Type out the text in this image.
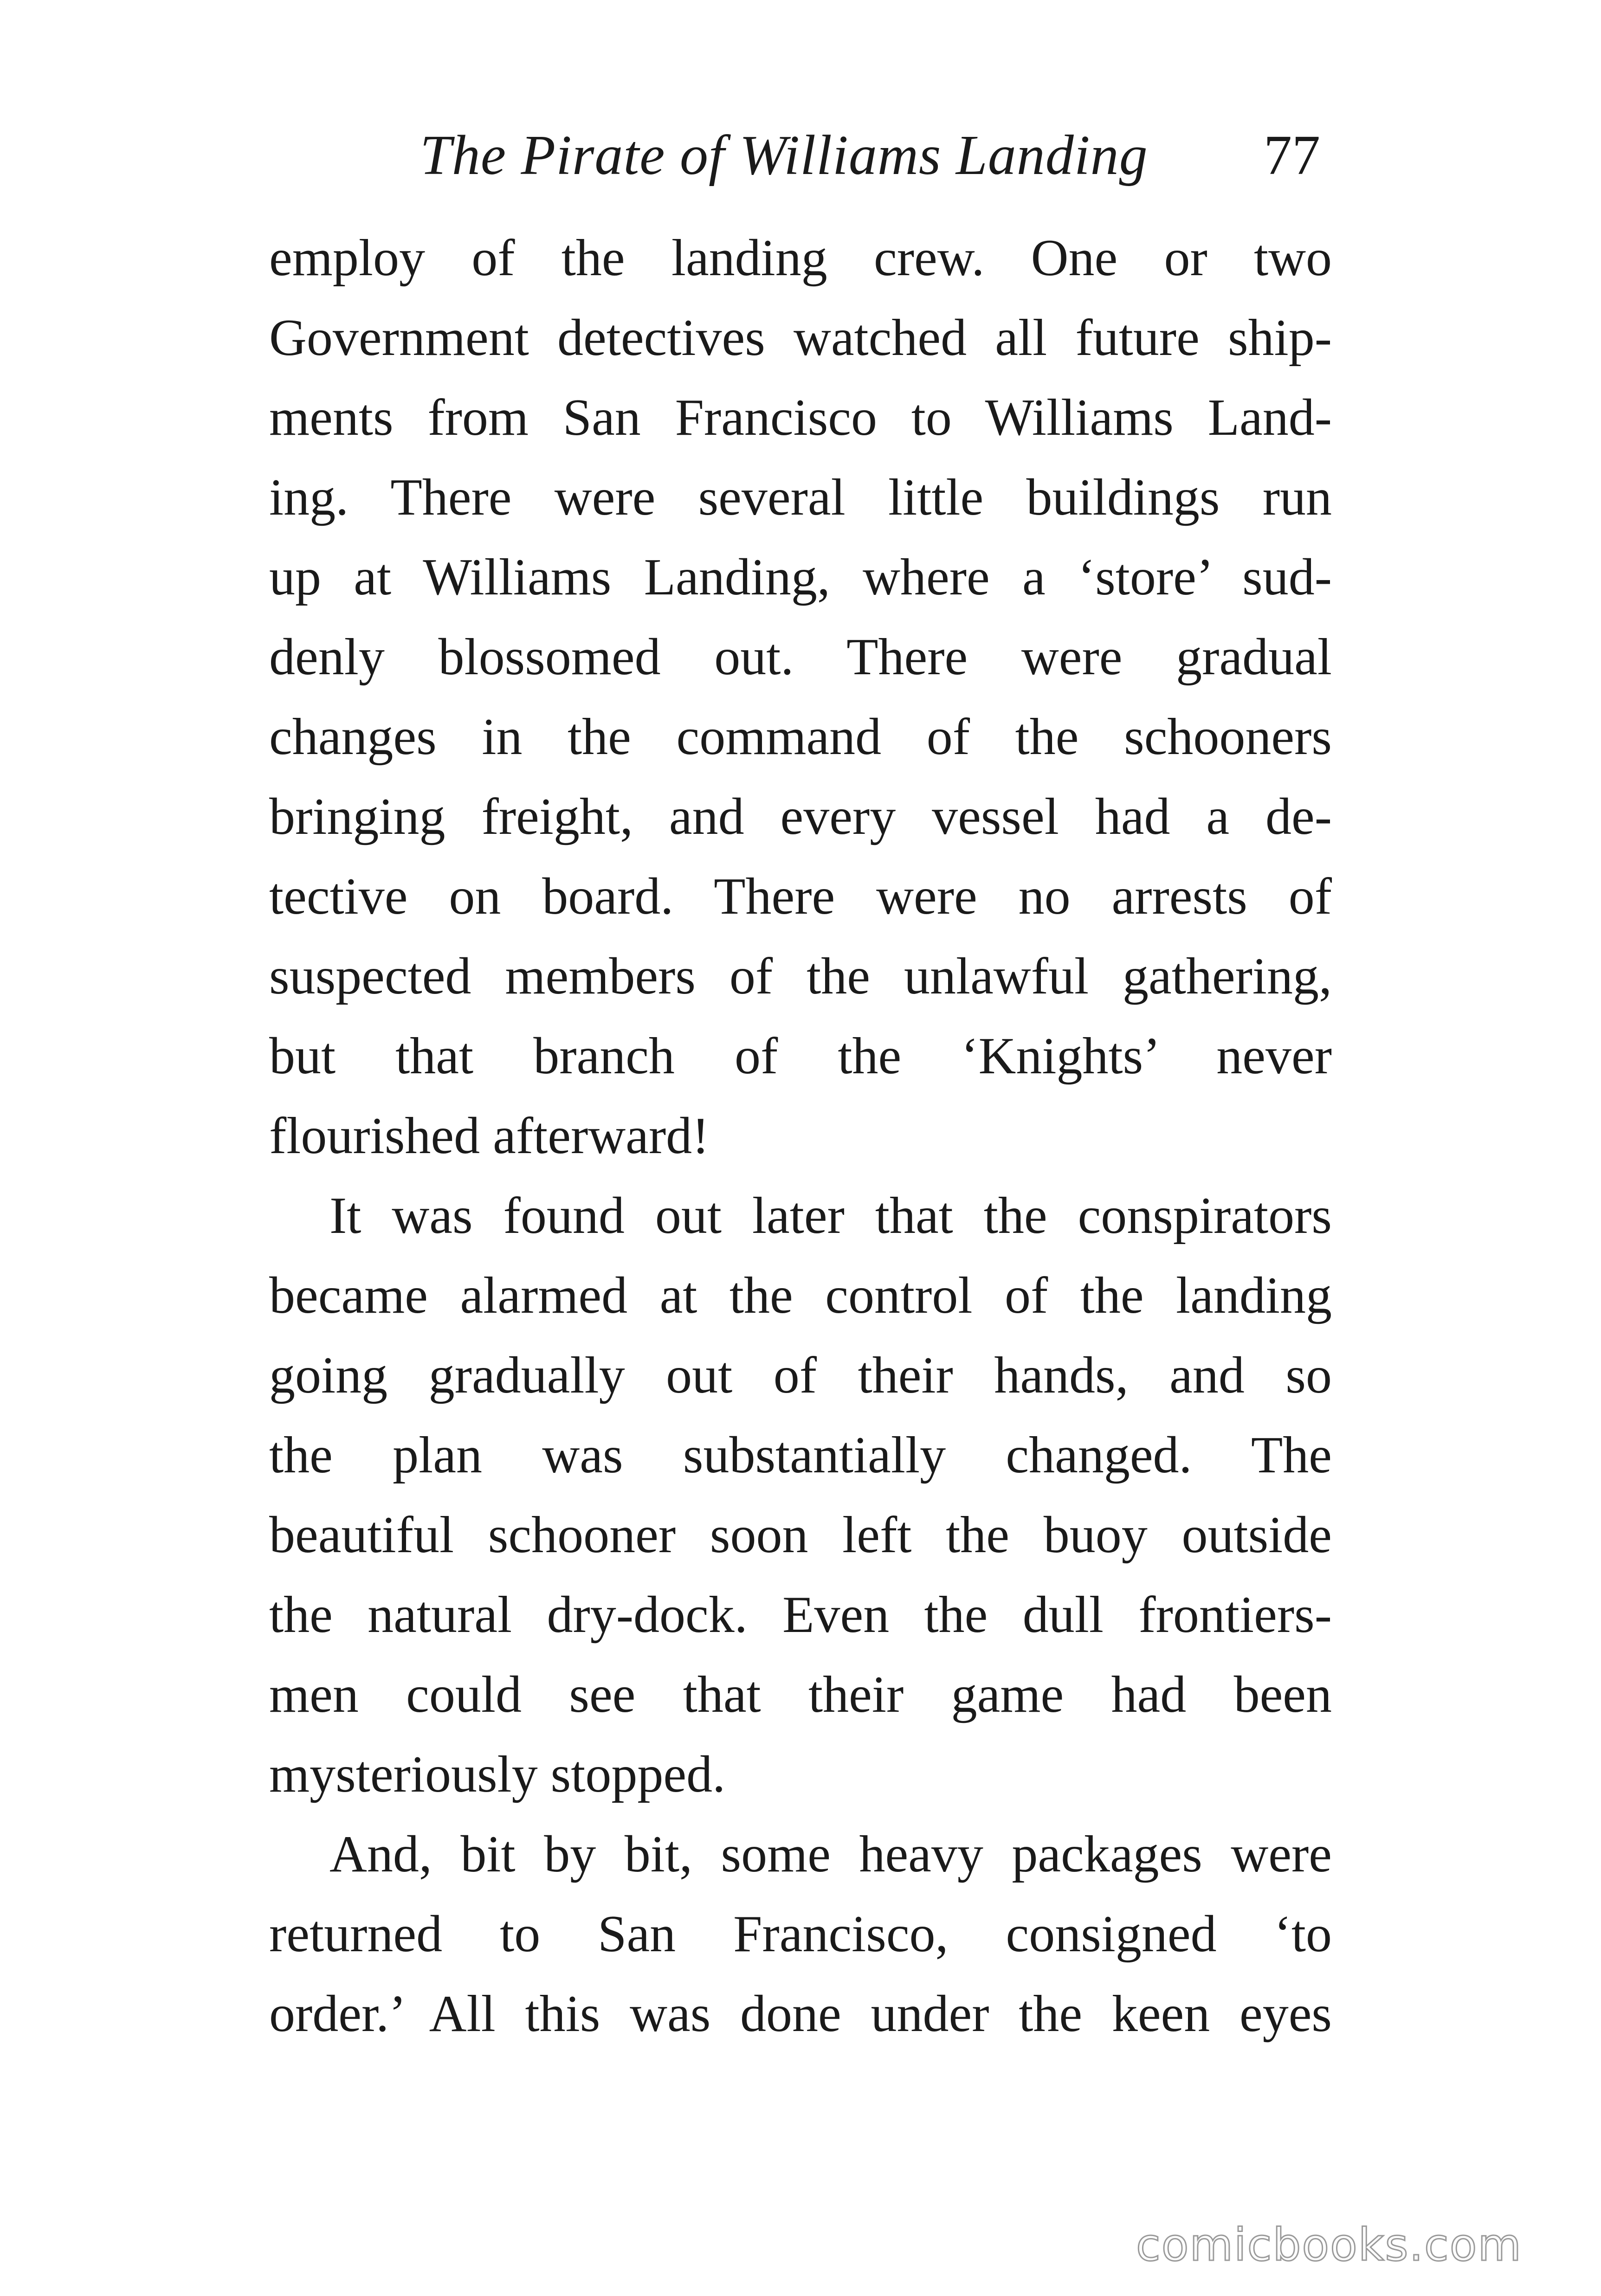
The Pirate of Williams Landing 77

employ of the landing crew. One or two
Government detectives watched all future ship-
ments from San Francisco to Williams Land-
ing. There were several little buildings run
up at Williams Landing, where a ‘store’ sud-
denly blossomed out. There were gradual
changes in the command of the schooners
bringing freight, and every vessel had a de-
tective on board. There were no arrests of
suspected members of the unlawful gathering,
but that branch of the ‘Knights’ never
flourished afterward!

It was found out later that the conspirators
became alarmed at the control of the landing
going gradually out of their hands, and so
the plan was substantially changed. The
beautiful schooner soon left the buoy outside
the natural dry-dock. Even the dull frontiers-
men could see that their game had been
mysteriously stopped.

And, bit by bit, some heavy packages were
returned to San Francisco, consigned ‘to
order.’ All this was done under the keen eyes

comicbooks.com
